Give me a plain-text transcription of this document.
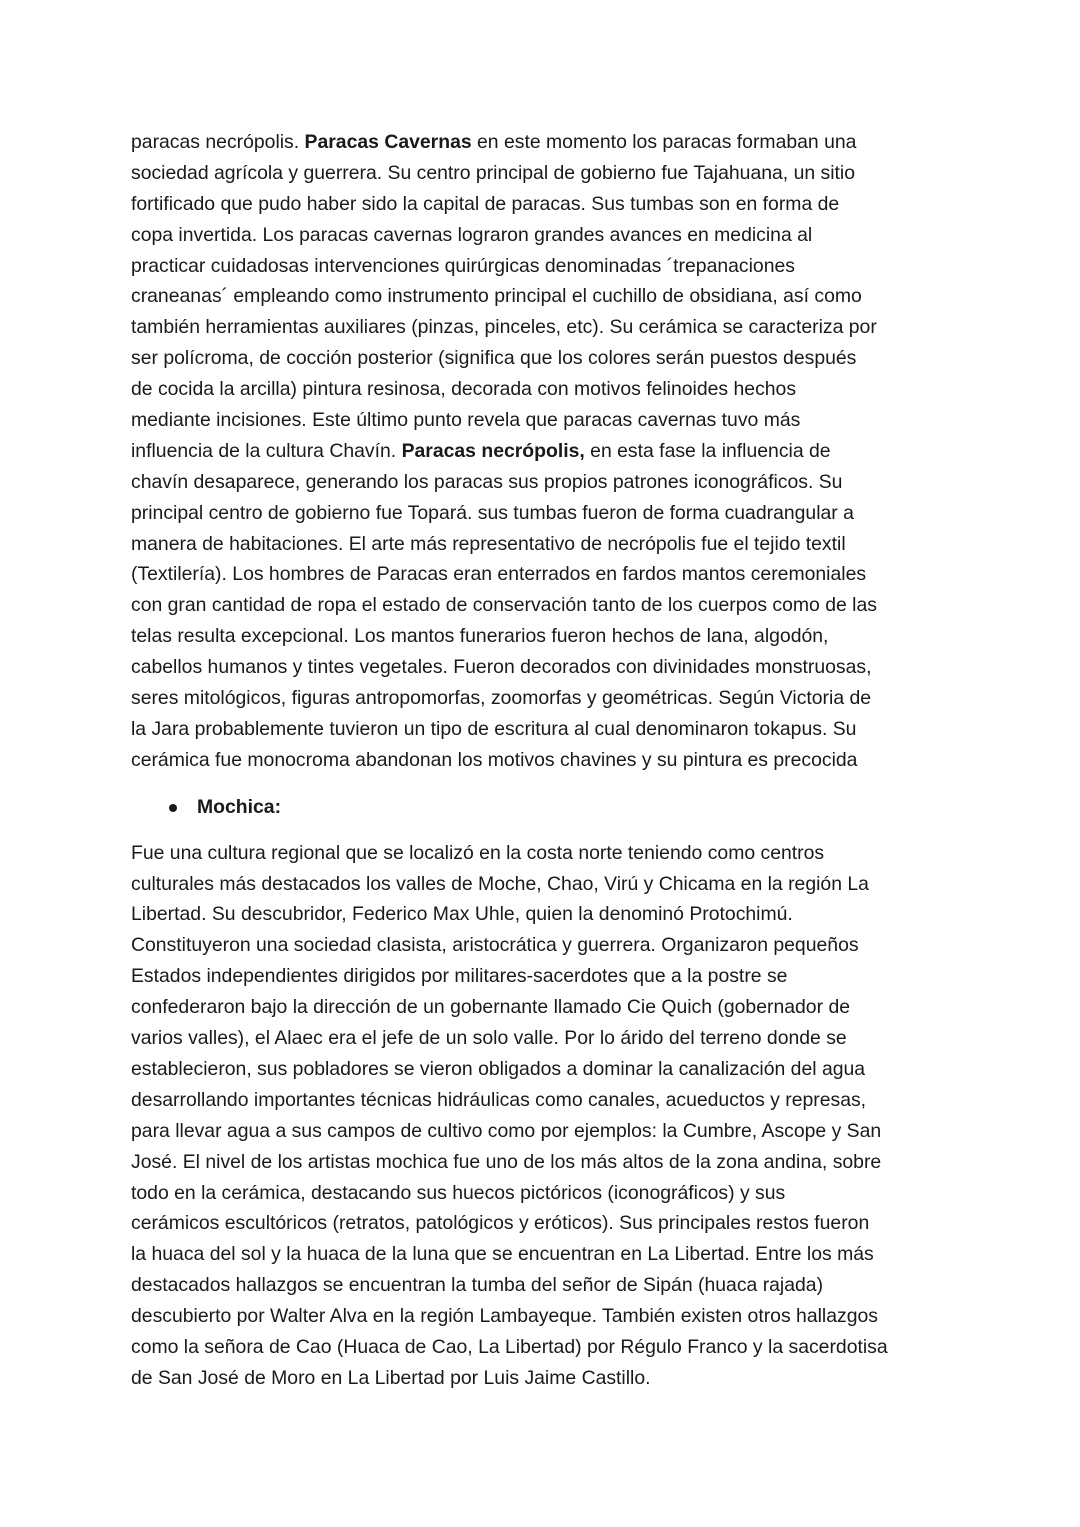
paracas necrópolis. Paracas Cavernas en este momento los paracas formaban una
sociedad agrícola y guerrera. Su centro principal de gobierno fue Tajahuana, un sitio
fortificado que pudo haber sido la capital de paracas. Sus tumbas son en forma de
copa invertida. Los paracas cavernas lograron grandes avances en medicina al
practicar cuidadosas intervenciones quirúrgicas denominadas ´trepanaciones
craneanas´ empleando como instrumento principal el cuchillo de obsidiana, así como
también herramientas auxiliares (pinzas, pinceles, etc). Su cerámica se caracteriza por
ser polícroma, de cocción posterior (significa que los colores serán puestos después
de cocida la arcilla) pintura resinosa, decorada con motivos felinoides hechos
mediante incisiones. Este último punto revela que paracas cavernas tuvo más
influencia de la cultura Chavín. Paracas necrópolis, en esta fase la influencia de
chavín desaparece, generando los paracas sus propios patrones iconográficos. Su
principal centro de gobierno fue Topará. sus tumbas fueron de forma cuadrangular a
manera de habitaciones. El arte más representativo de necrópolis fue el tejido textil
(Textilería). Los hombres de Paracas eran enterrados en fardos mantos ceremoniales
con gran cantidad de ropa el estado de conservación tanto de los cuerpos como de las
telas resulta excepcional. Los mantos funerarios fueron hechos de lana, algodón,
cabellos humanos y tintes vegetales. Fueron decorados con divinidades monstruosas,
seres mitológicos, figuras antropomorfas, zoomorfas y geométricas. Según Victoria de
la Jara probablemente tuvieron un tipo de escritura al cual denominaron tokapus. Su
cerámica fue monocroma abandonan los motivos chavines y su pintura es precocida
Mochica:
Fue una cultura regional que se localizó en la costa norte teniendo como centros
culturales más destacados los valles de Moche, Chao, Virú y Chicama en la región La
Libertad. Su descubridor, Federico Max Uhle, quien la denominó Protochimú.
Constituyeron una sociedad clasista, aristocrática y guerrera. Organizaron pequeños
Estados independientes dirigidos por militares-sacerdotes que a la postre se
confederaron bajo la dirección de un gobernante llamado Cie Quich (gobernador de
varios valles), el Alaec era el jefe de un solo valle. Por lo árido del terreno donde se
establecieron, sus pobladores se vieron obligados a dominar la canalización del agua
desarrollando importantes técnicas hidráulicas como canales, acueductos y represas,
para llevar agua a sus campos de cultivo como por ejemplos: la Cumbre, Ascope y San
José. El nivel de los artistas mochica fue uno de los más altos de la zona andina, sobre
todo en la cerámica, destacando sus huecos pictóricos (iconográficos) y sus
cerámicos escultóricos (retratos, patológicos y eróticos). Sus principales restos fueron
la huaca del sol y la huaca de la luna que se encuentran en La Libertad. Entre los más
destacados hallazgos se encuentran la tumba del señor de Sipán (huaca rajada)
descubierto por Walter Alva en la región Lambayeque. También existen otros hallazgos
como la señora de Cao (Huaca de Cao, La Libertad) por Régulo Franco y la sacerdotisa
de San José de Moro en La Libertad por Luis Jaime Castillo.
